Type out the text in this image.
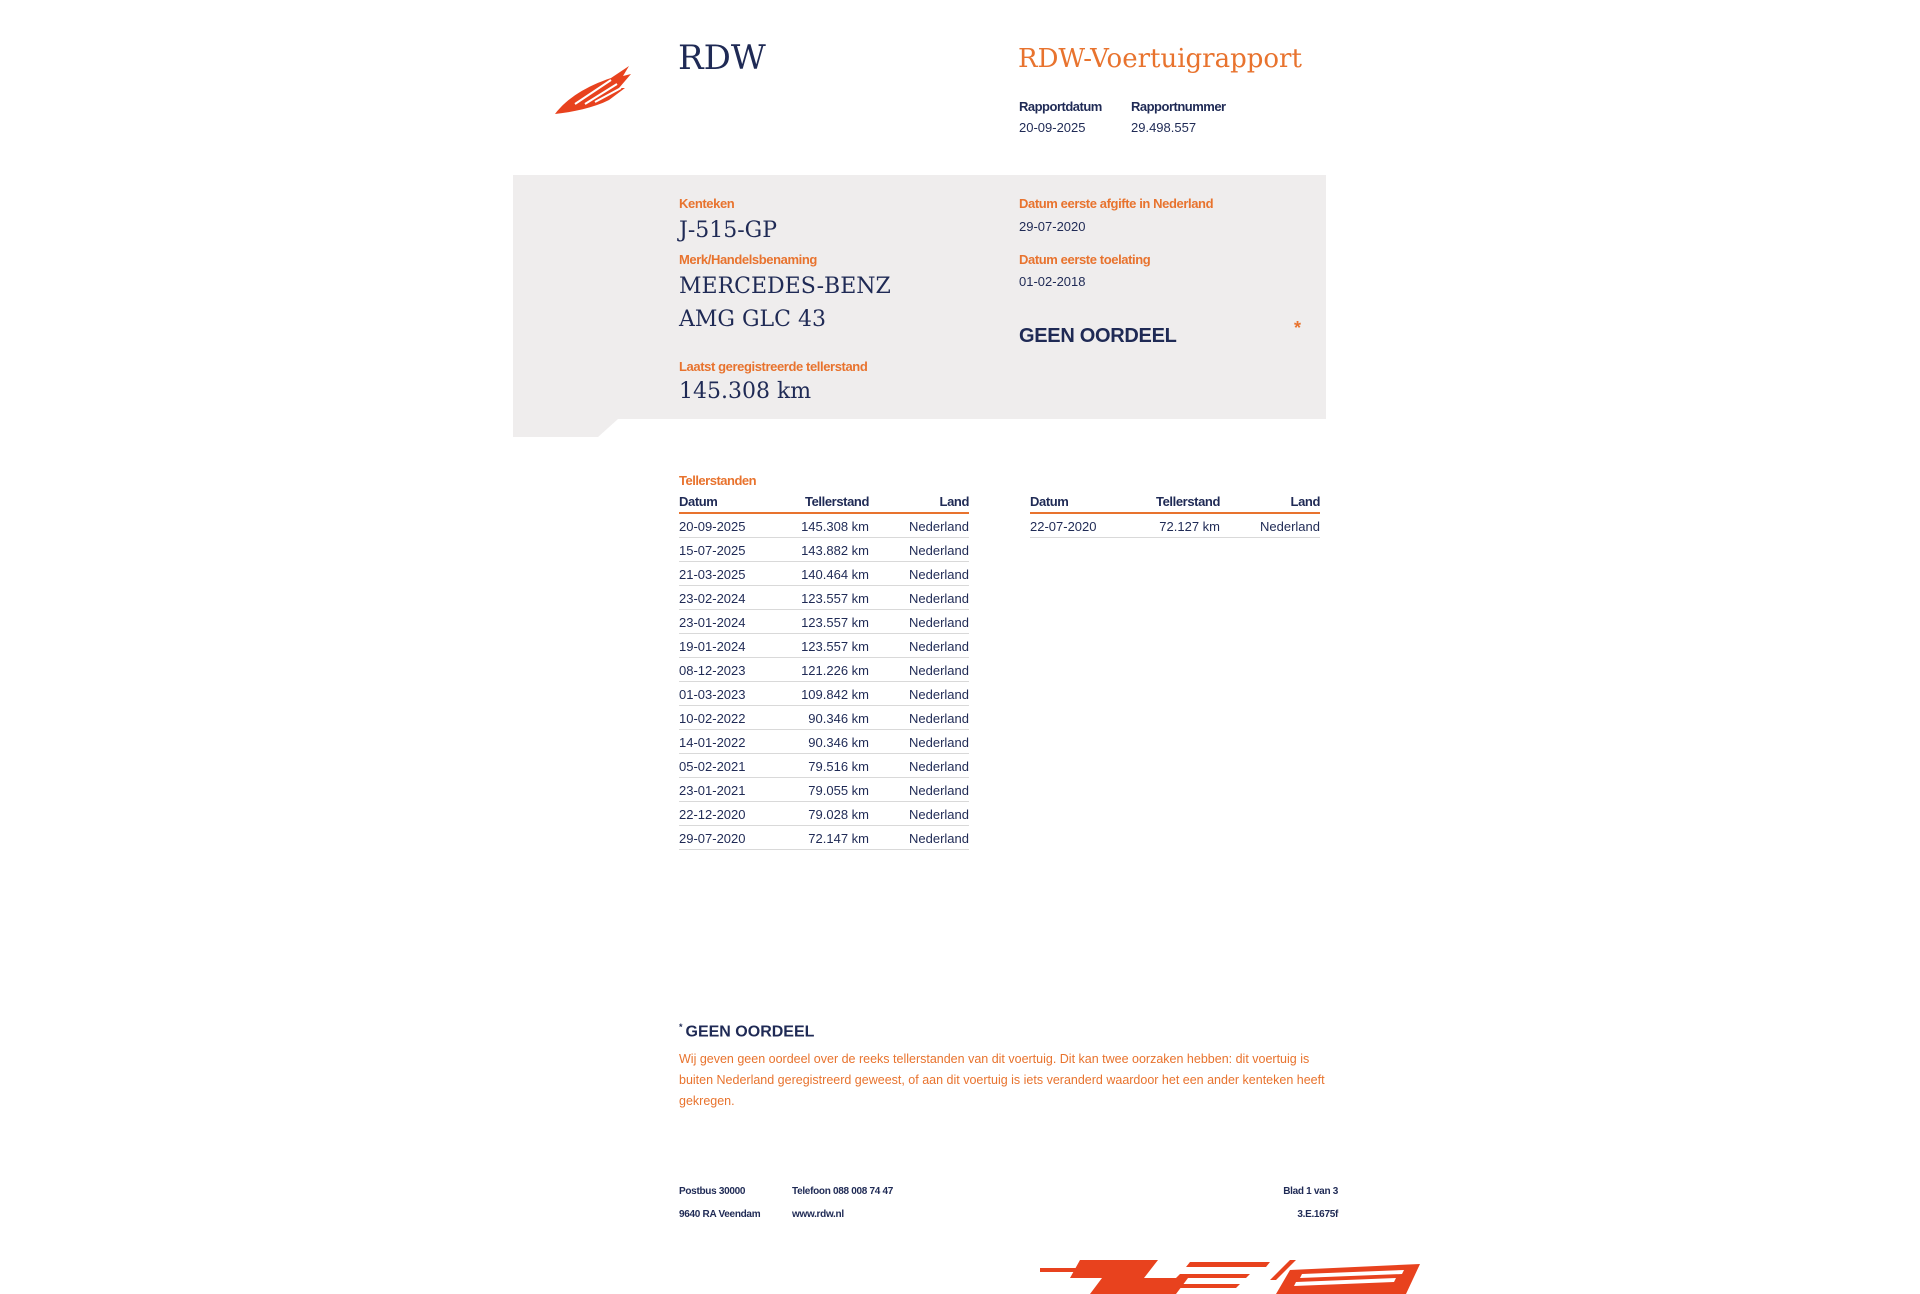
RDW	RDW-Voertuigrapport
Rapportdatum
20-09-2025
Rapportnummer
29.498.557
Kenteken
J-515-GP
Merk/Handelsbenaming
MERCEDES-BENZ
AMG GLC 43
Laatst geregistreerde tellerstand
145.308 km
Datum eerste afgifte in Nederland
29-07-2020
Datum eerste toelating
01-02-2018
GEEN OORDEEL	*
Tellerstanden
Datum	Tellerstand	Land
20-09-2025	145.308 km	Nederland
15-07-2025	143.882 km	Nederland
21-03-2025	140.464 km	Nederland
23-02-2024	123.557 km	Nederland
23-01-2024	123.557 km	Nederland
19-01-2024	123.557 km	Nederland
08-12-2023	121.226 km	Nederland
01-03-2023	109.842 km	Nederland
10-02-2022	90.346 km	Nederland
14-01-2022	90.346 km	Nederland
05-02-2021	79.516 km	Nederland
23-01-2021	79.055 km	Nederland
22-12-2020	79.028 km	Nederland
29-07-2020	72.147 km	Nederland
Datum	Tellerstand	Land
22-07-2020	72.127 km	Nederland
* GEEN OORDEEL
Wij geven geen oordeel over de reeks tellerstanden van dit voertuig. Dit kan twee oorzaken hebben: dit voertuig is buiten Nederland geregistreerd geweest, of aan dit voertuig is iets veranderd waardoor het een ander kenteken heeft gekregen.
Postbus 30000
9640 RA Veendam
Telefoon 088 008 74 47
www.rdw.nl
Blad 1 van 3
3.E.1675f
